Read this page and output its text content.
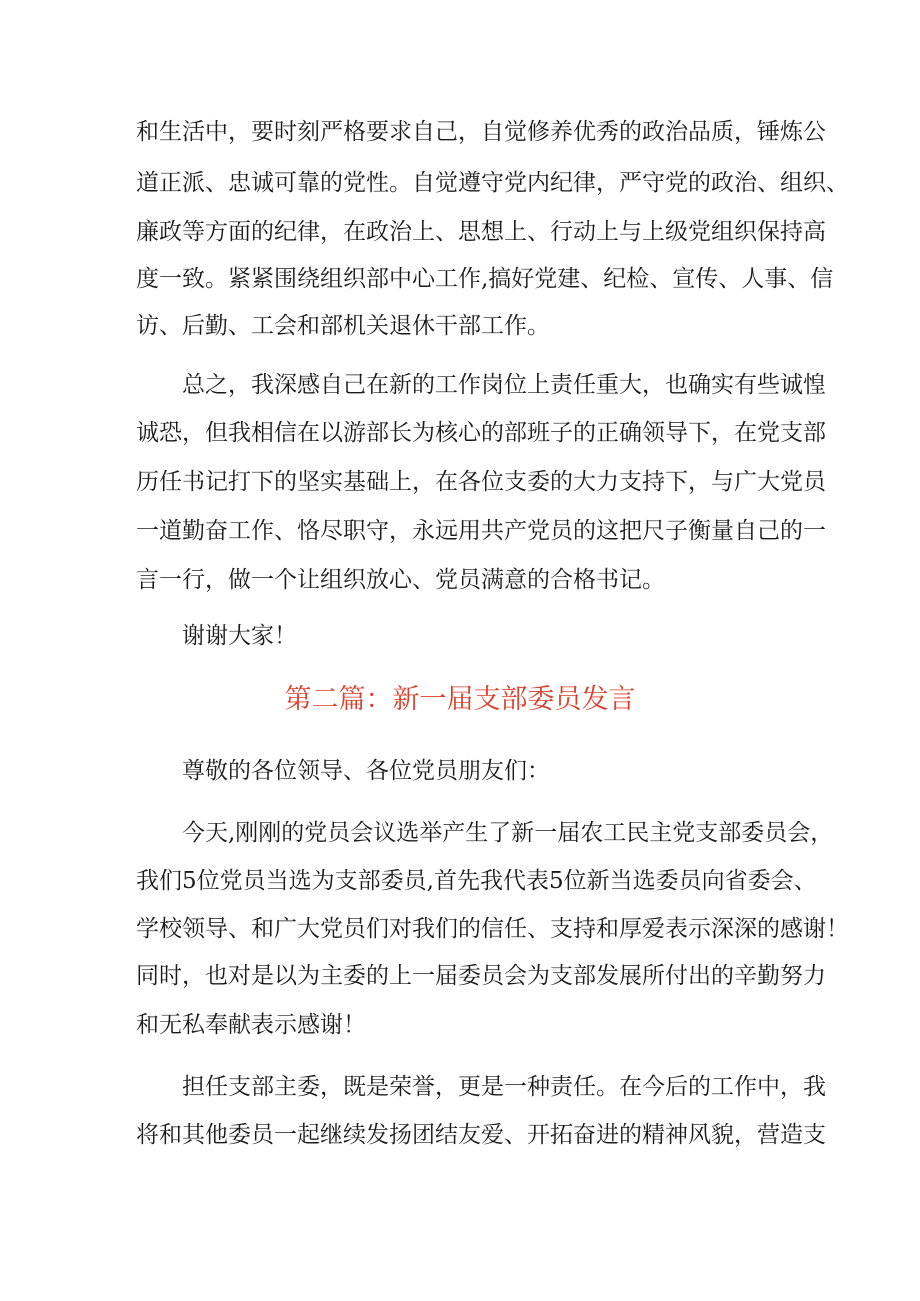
和生活中，要时刻严格要求自己，自觉修养优秀的政治品质，锤炼公
道正派、忠诚可靠的党性。自觉遵守党内纪律，严守党的政治、组织、
廉政等方面的纪律，在政治上、思想上、行动上与上级党组织保持高
度一致。紧紧围绕组织部中心工作,搞好党建、纪检、宣传、人事、信
访、后勤、工会和部机关退休干部工作。
总之，我深感自己在新的工作岗位上责任重大，也确实有些诚惶
诚恐，但我相信在以游部长为核心的部班子的正确领导下，在党支部
历任书记打下的坚实基础上，在各位支委的大力支持下，与广大党员
一道勤奋工作、恪尽职守，永远用共产党员的这把尺子衡量自己的一
言一行，做一个让组织放心、党员满意的合格书记。
谢谢大家！
第二篇：新一届支部委员发言
尊敬的各位领导、各位党员朋友们：
今天,刚刚的党员会议选举产生了新一届农工民主党支部委员会，
我们5位党员当选为支部委员,首先我代表5位新当选委员向省委会、
学校领导、和广大党员们对我们的信任、支持和厚爱表示深深的感谢！
同时，也对是以为主委的上一届委员会为支部发展所付出的辛勤努力
和无私奉献表示感谢！
担任支部主委，既是荣誉，更是一种责任。在今后的工作中，我
将和其他委员一起继续发扬团结友爱、开拓奋进的精神风貌，营造支
